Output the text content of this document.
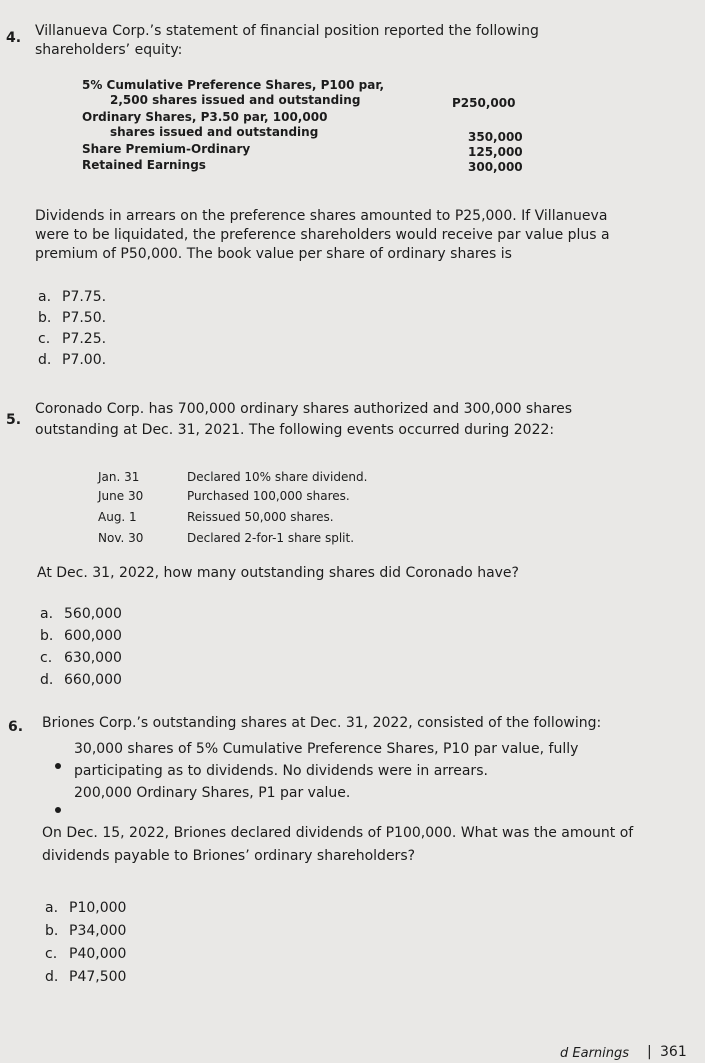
4. Villanueva Corp.’s statement of financial position reported the following
shareholders’ equity:
5% Cumulative Preference Shares, P100 par,
2,500 shares issued and outstanding	P250,000
Ordinary Shares, P3.50 par, 100,000
shares issued and outstanding	350,000
Share Premium-Ordinary	125,000
Retained Earnings	300,000
Dividends in arrears on the preference shares amounted to P25,000. If Villanueva
were to be liquidated, the preference shareholders would receive par value plus a
premium of P50,000. The book value per share of ordinary shares is
a. P7.75.
b. P7.50.
c. P7.25.
d. P7.00.
5.
Coronado Corp. has 700,000 ordinary shares authorized and 300,000 shares
outstanding at Dec. 31, 2021. The following events occurred during 2022:
Jan. 31	Declared 10% share dividend.
June 30	Purchased 100,000 shares.
Aug. 1	Reissued 50,000 shares.
Nov. 30	Declared 2-for-1 share split.
At Dec. 31, 2022, how many outstanding shares did Coronado have?
a. 560,000
b. 600,000
c. 630,000
d. 660,000
6. Briones Corp.’s outstanding shares at Dec. 31, 2022, consisted of the following:
30,000 shares of 5% Cumulative Preference Shares, P10 par value, fully
participating as to dividends. No dividends were in arrears.
200,000 Ordinary Shares, P1 par value.
On Dec. 15, 2022, Briones declared dividends of P100,000. What was the amount of
dividends payable to Briones’ ordinary shareholders?
a. P10,000
b. P34,000
c. P40,000
d. P47,500
d Earnings | 361
